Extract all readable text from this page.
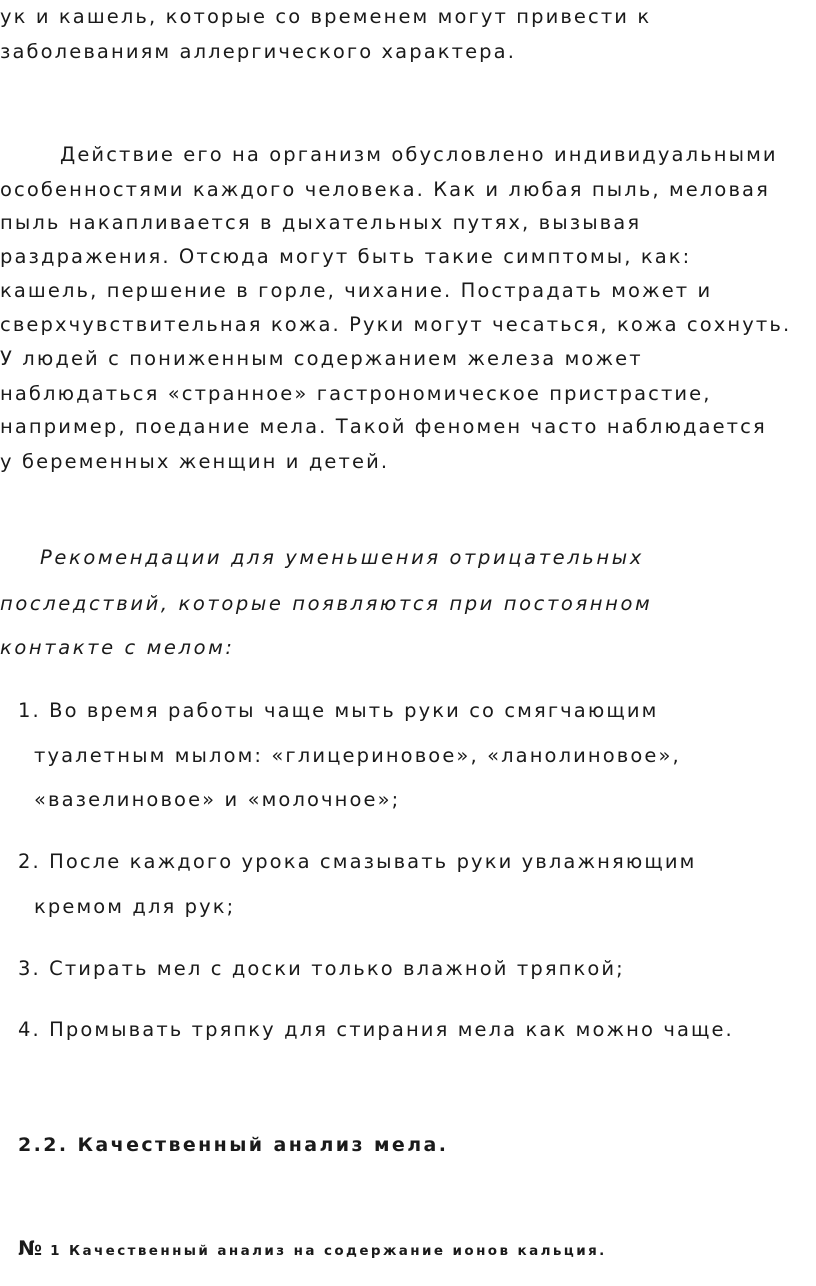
ук и кашель, которые со временем могут привести к
заболеваниям аллергического характера.
Действие его на организм обусловлено индивидуальными
особенностями каждого человека. Как и любая пыль, меловая
пыль накапливается в дыхательных путях, вызывая
раздражения. Отсюда могут быть такие симптомы, как:
кашель, першение в горле, чихание. Пострадать может и
сверхчувствительная кожа. Руки могут чесаться, кожа сохнуть.
У людей с пониженным содержанием железа может
наблюдаться «странное» гастрономическое пристрастие,
например, поедание мела. Такой феномен часто наблюдается
у беременных женщин и детей.
Рекомендации для уменьшения отрицательных
последствий, которые появляются при постоянном
контакте с мелом:
1. Во время работы чаще мыть руки со смягчающим
туалетным мылом: «глицериновое», «ланолиновое»,
«вазелиновое» и «молочное»;
2. После каждого урока смазывать руки увлажняющим
кремом для рук;
3. Стирать мел с доски только влажной тряпкой;
4. Промывать тряпку для стирания мела как можно чаще.
2.2. Качественный анализ мела.
№ 1 Качественный анализ на содержание ионов кальция.
